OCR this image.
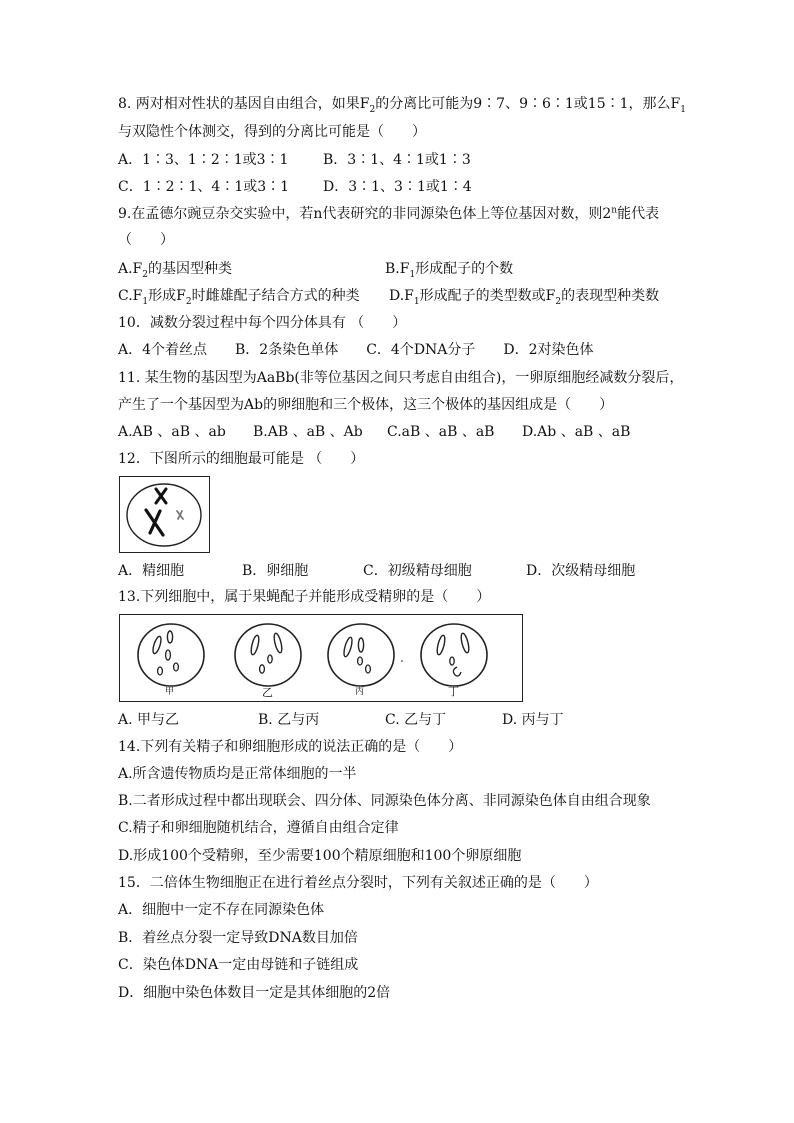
8. 两对相对性状的基因自由组合，如果$F_2$的分离比可能为9∶7、9∶6∶1或15∶1，那么$F_1$
与双隐性个体测交，得到的分离比可能是（　　）
A．1∶3、1∶2∶1或3∶1 B．3∶1、4∶1或1∶3
C．1∶2∶1、4∶1或3∶1 D．3∶1、3∶1或1∶4
9.在孟德尔豌豆杂交实验中，若n代表研究的非同源染色体上等位基因对数，则2$^n$能代表
（　　）
$A.F_2$的基因型种类	$B.F_1$形成配子的个数
$C.F_1$形成$F_2$时雌雄配子结合方式的种类 $D.F_1$形成配子的类型数或$F_2$的表现型种类数
10．减数分裂过程中每个四分体具有 （　　）
A．4个着丝点　　B．2条染色单体　　C．4个DNA分子　　D．2对染色体
11. 某生物的基因型为AaBb(非等位基因之间只考虑自由组合)，一卵原细胞经减数分裂后，
产生了一个基因型为Ab的卵细胞和三个极体，这三个极体的基因组成是（　　）
A.AB 、aB 、ab B.AB 、aB 、Ab C.aB 、aB 、aB D.Ab 、aB 、aB
12．下图所示的细胞最可能是 （　　）
A．精细胞	B．卵细胞	C．初级精母细胞	D．次级精母细胞
13.下列细胞中，属于果蝇配子并能形成受精卵的是（　　）
甲	乙	丙	丁
A. 甲与乙	B. 乙与丙	C. 乙与丁	D. 丙与丁
14.下列有关精子和卵细胞形成的说法正确的是（　　）
A.所含遗传物质均是正常体细胞的一半
B.二者形成过程中都出现联会、四分体、同源染色体分离、非同源染色体自由组合现象
C.精子和卵细胞随机结合，遵循自由组合定律
D.形成100个受精卵，至少需要100个精原细胞和100个卵原细胞
15．二倍体生物细胞正在进行着丝点分裂时，下列有关叙述正确的是（　　）
A．细胞中一定不存在同源染色体
B．着丝点分裂一定导致DNA数目加倍
C．染色体DNA一定由母链和子链组成
D．细胞中染色体数目一定是其体细胞的2倍
